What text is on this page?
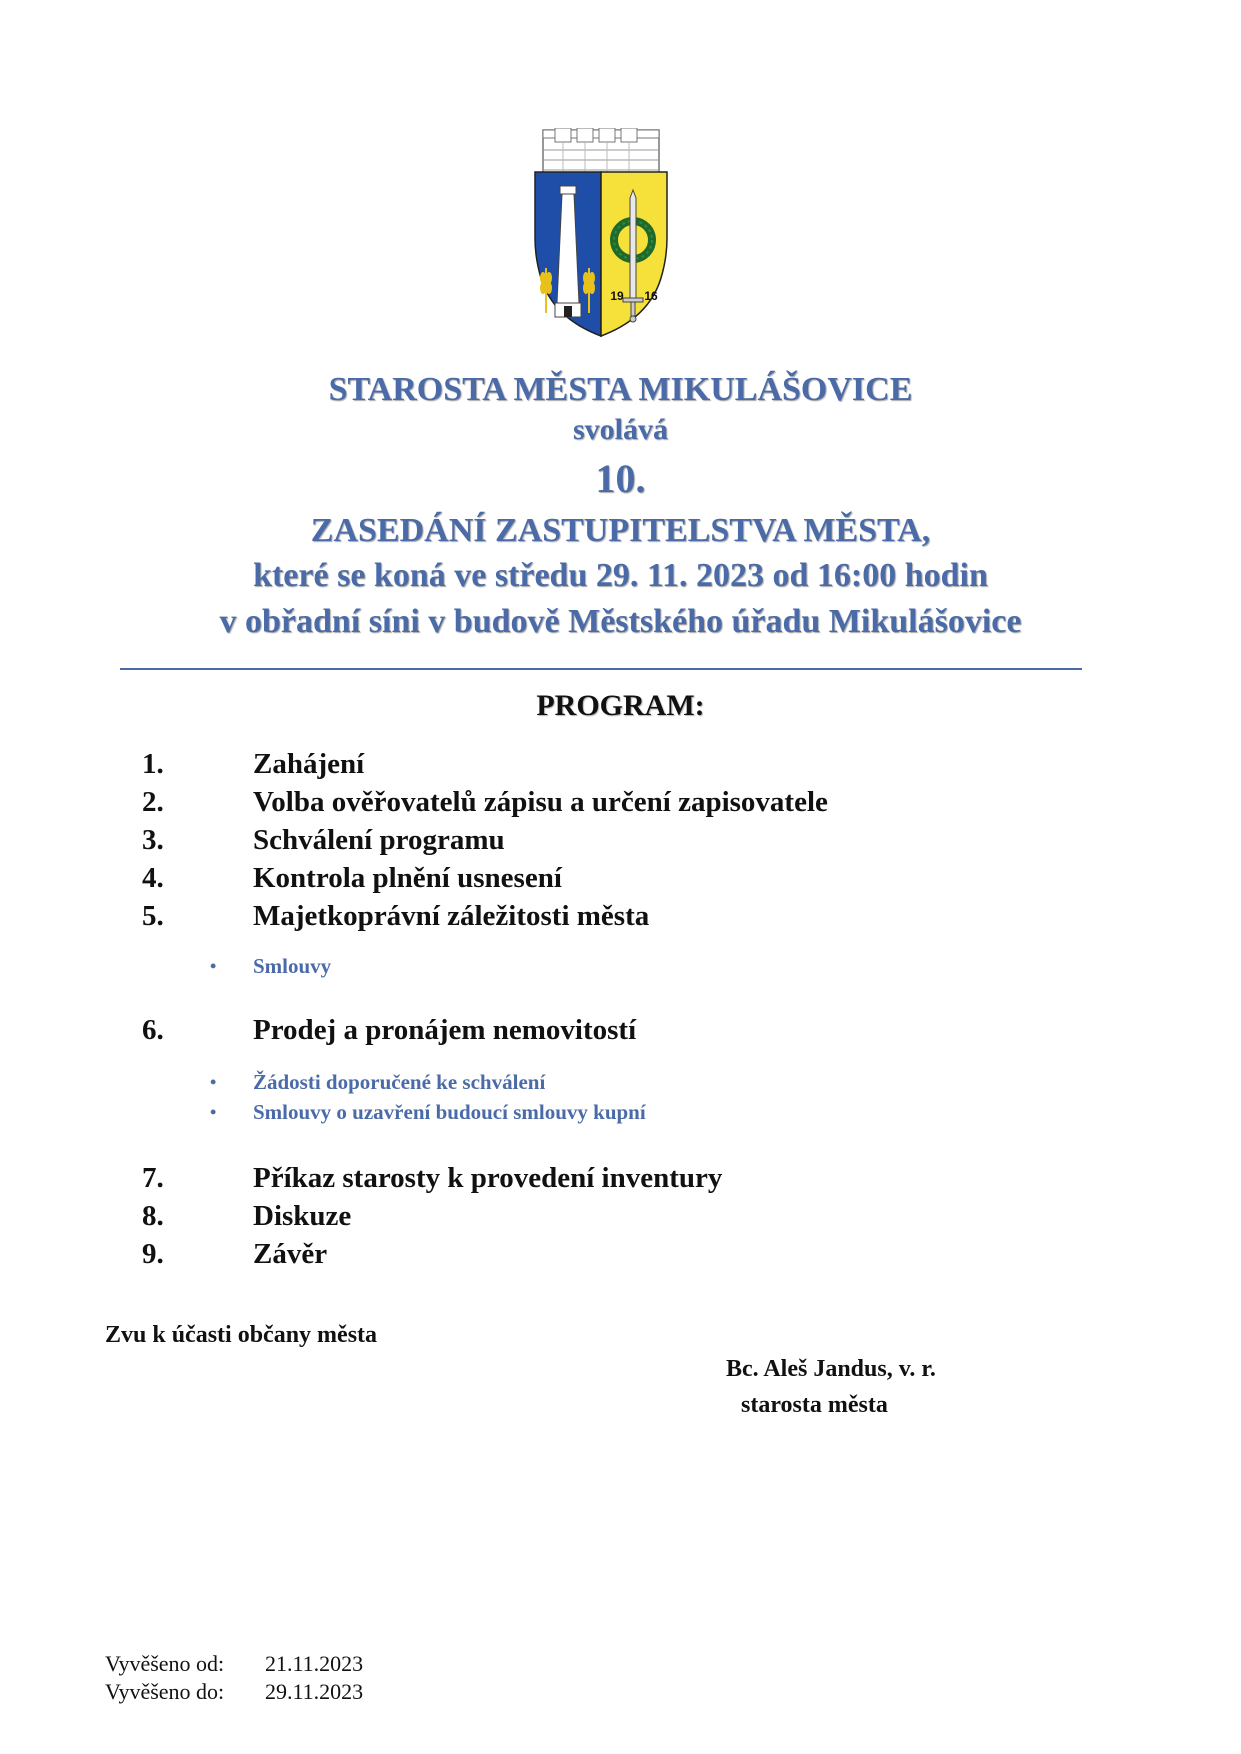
19 16
STAROSTA MĚSTA MIKULÁŠOVICE
svolává
10.
ZASEDÁNÍ ZASTUPITELSTVA MĚSTA,
které se koná ve středu 29. 11. 2023 od 16:00 hodin
v obřadní síni v budově Městského úřadu Mikulášovice
PROGRAM:
1.	Zahájení
2.	Volba ověřovatelů zápisu a určení zapisovatele
3.	Schválení programu
4.	Kontrola plnění usnesení
5.	Majetkoprávní záležitosti města
• Smlouvy
6.	Prodej a pronájem nemovitostí
• Žádosti doporučené ke schválení
• Smlouvy o uzavření budoucí smlouvy kupní
7.	Příkaz starosty k provedení inventury
8.	Diskuze
9.	Závěr
Zvu k účasti občany města
Bc. Aleš Jandus, v. r.
starosta města
Vyvěšeno od: 21.11.2023
Vyvěšeno do: 29.11.2023
